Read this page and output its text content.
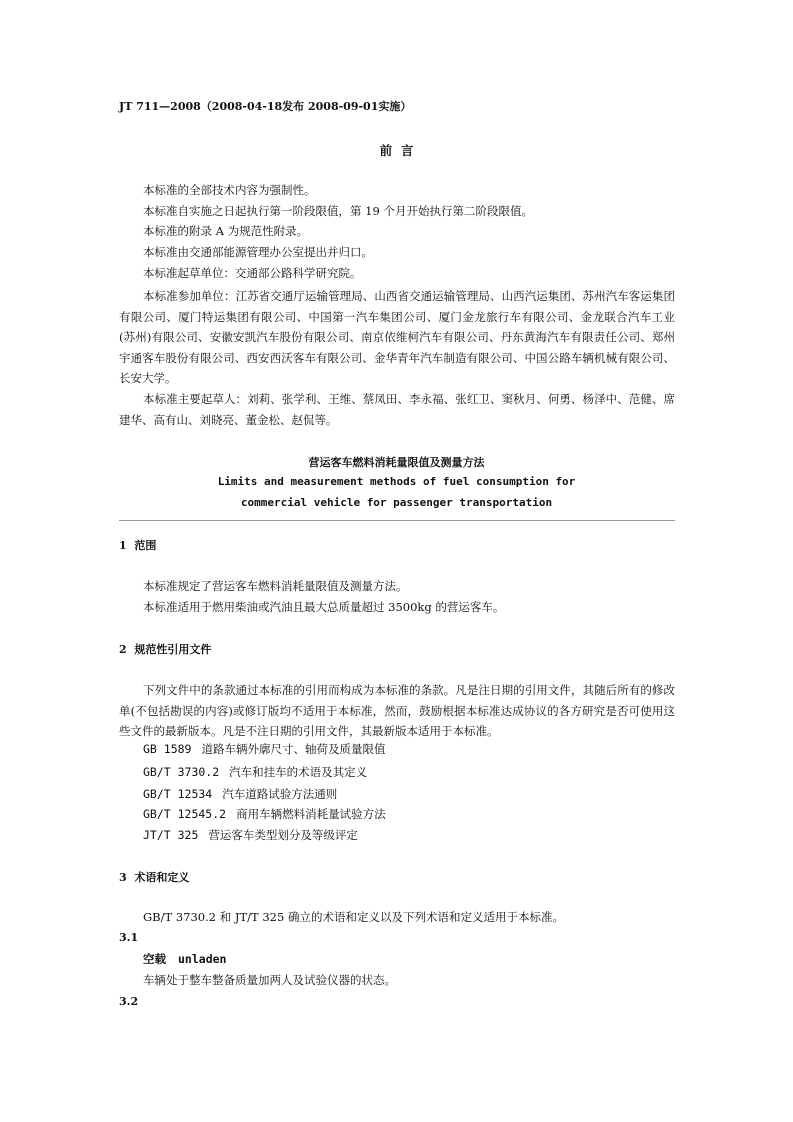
JT 711—2008（2008-04-18发布 2008-09-01实施）
前  言
本标准的全部技术内容为强制性。
本标准自实施之日起执行第一阶段限值，第 19 个月开始执行第二阶段限值。
本标准的附录 A 为规范性附录。
本标准由交通部能源管理办公室提出并归口。
本标准起草单位：交通部公路科学研究院。
本标准参加单位：江苏省交通厅运输管理局、山西省交通运输管理局、山西汽运集团、苏州汽车客运集团有限公司、厦门特运集团有限公司、中国第一汽车集团公司、厦门金龙旅行车有限公司、金龙联合汽车工业(苏州)有限公司、安徽安凯汽车股份有限公司、南京依维柯汽车有限公司、丹东黄海汽车有限责任公司、郑州宇通客车股份有限公司、西安西沃客车有限公司、金华青年汽车制造有限公司、中国公路车辆机械有限公司、长安大学。
本标准主要起草人：刘莉、张学利、王维、蔡凤田、李永福、张红卫、窦秋月、何勇、杨泽中、范健、席建华、高有山、刘晓亮、董金松、赵侃等。
营运客车燃料消耗量限值及测量方法
Limits and measurement methods of fuel consumption for
commercial vehicle for passenger transportation
1  范围
本标准规定了营运客车燃料消耗量限值及测量方法。
本标准适用于燃用柴油或汽油且最大总质量超过 3500kg 的营运客车。
2  规范性引用文件
下列文件中的条款通过本标准的引用而构成为本标准的条款。凡是注日期的引用文件，其随后所有的修改单(不包括勘误的内容)或修订版均不适用于本标准，然而，鼓励根据本标准达成协议的各方研究是否可使用这些文件的最新版本。凡是不注日期的引用文件，其最新版本适用于本标准。
GB 1589 道路车辆外廓尺寸、轴荷及质量限值
GB/T 3730.2 汽车和挂车的术语及其定义
GB/T 12534 汽车道路试验方法通则
GB/T 12545.2 商用车辆燃料消耗量试验方法
JT/T 325 营运客车类型划分及等级评定
3  术语和定义
GB/T 3730.2 和 JT/T 325 确立的术语和定义以及下列术语和定义适用于本标准。
3.1
空载 unladen
车辆处于整车整备质量加两人及试验仪器的状态。
3.2
